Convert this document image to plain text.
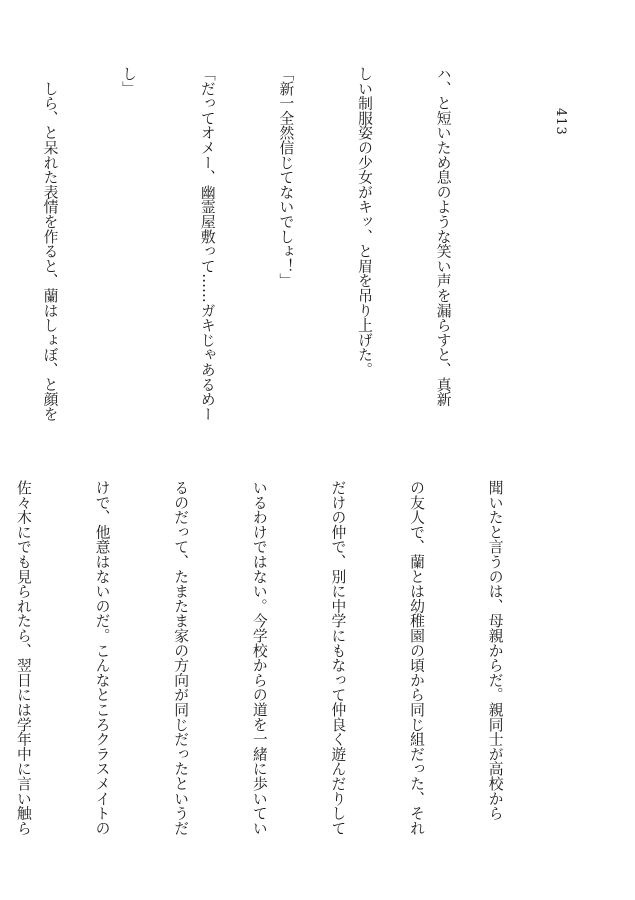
413

ハ、と短いため息のような笑い声を漏らすと、真新

しい制服姿の少女がキッ、と眉を吊り上げた。

「新一全然信じてないでしょ！」

「だってオメー、幽霊屋敷って……ガキじゃあるめー

し」

　しら、と呆れた表情を作ると、蘭はしょぼ、と顔を

聞いたと言うのは、母親からだ。親同士が高校から

の友人で、蘭とは幼稚園の頃から同じ組だった、それ

だけの仲で、別に中学にもなって仲良く遊んだりして

いるわけではない。今学校からの道を一緒に歩いてい

るのだって、たまたま家の方向が同じだったというだ

けで、他意はないのだ。こんなところクラスメイトの

佐々木にでも見られたら、翌日には学年中に言い触ら
